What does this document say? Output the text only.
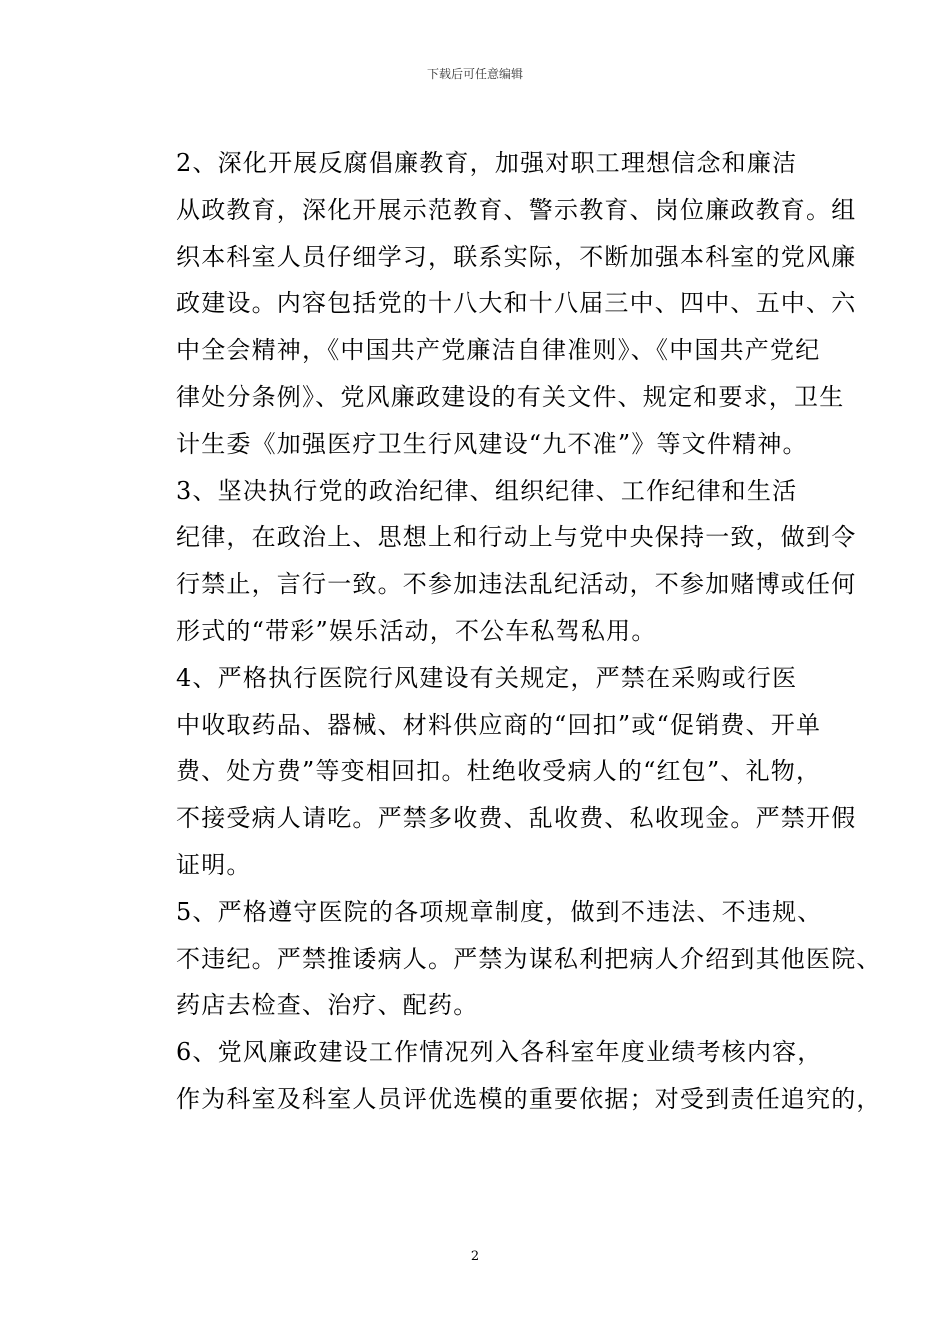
下载后可任意编辑

2、深化开展反腐倡廉教育，加强对职工理想信念和廉洁
从政教育，深化开展示范教育、警示教育、岗位廉政教育。组
织本科室人员仔细学习，联系实际，不断加强本科室的党风廉
政建设。内容包括党的十八大和十八届三中、四中、五中、六
中全会精神，《中国共产党廉洁自律准则》、《中国共产党纪
律处分条例》、党风廉政建设的有关文件、规定和要求，卫生
计生委《加强医疗卫生行风建设“九不准”》等文件精神。

3、坚决执行党的政治纪律、组织纪律、工作纪律和生活
纪律，在政治上、思想上和行动上与党中央保持一致，做到令
行禁止，言行一致。不参加违法乱纪活动，不参加赌博或任何
形式的“带彩”娱乐活动，不公车私驾私用。

4、严格执行医院行风建设有关规定，严禁在采购或行医
中收取药品、器械、材料供应商的“回扣”或“促销费、开单
费、处方费”等变相回扣。杜绝收受病人的“红包”、礼物，
不接受病人请吃。严禁多收费、乱收费、私收现金。严禁开假
证明。

5、严格遵守医院的各项规章制度，做到不违法、不违规、
不违纪。严禁推诿病人。严禁为谋私利把病人介绍到其他医院、
药店去检查、治疗、配药。

6、党风廉政建设工作情况列入各科室年度业绩考核内容，
作为科室及科室人员评优选模的重要依据；对受到责任追究的，

2
